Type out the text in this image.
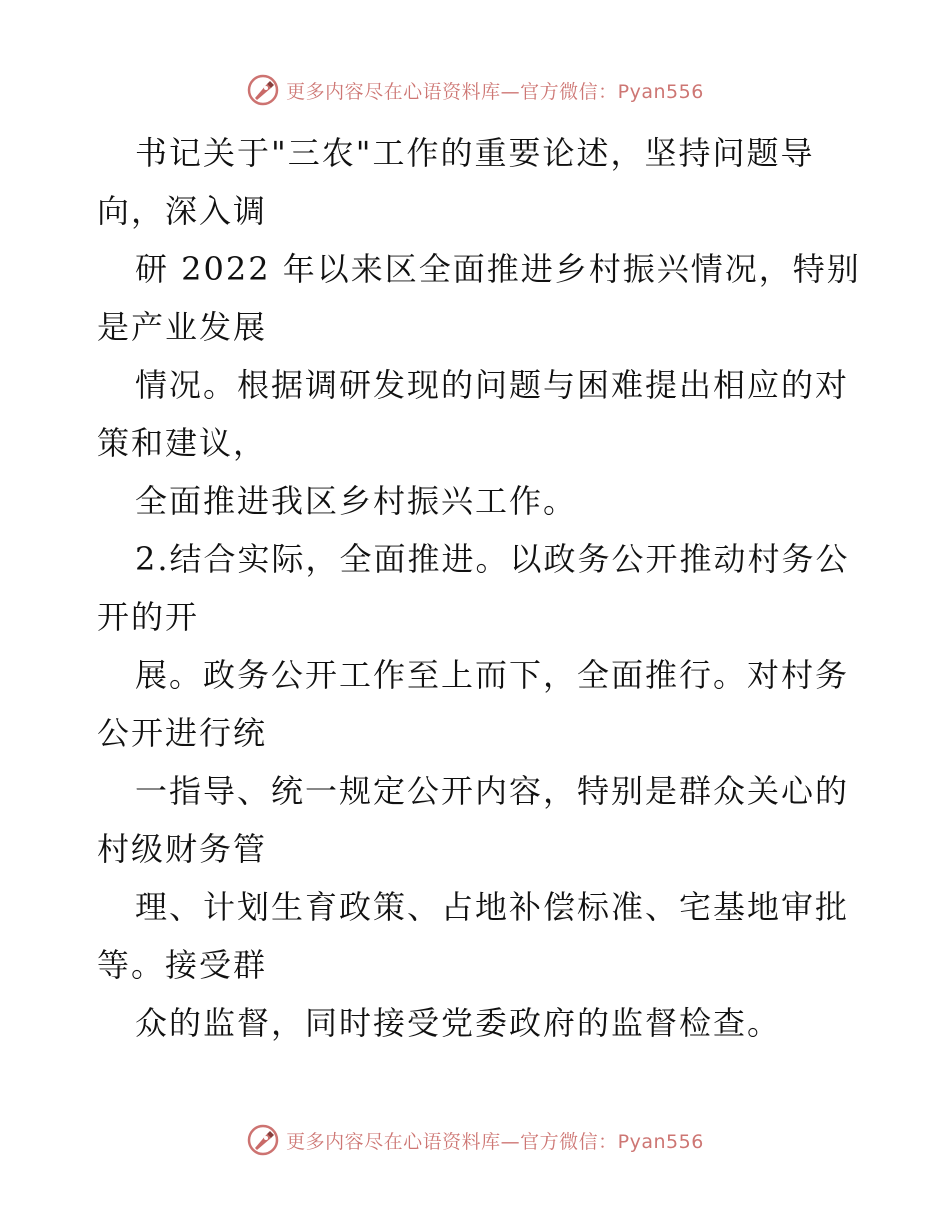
更多内容尽在心语资料库—官方微信：Pyan556
书记关于"三农"工作的重要论述，坚持问题导
向，深入调
研 2022 年以来区全面推进乡村振兴情况，特别
是产业发展
情况。根据调研发现的问题与困难提出相应的对
策和建议，
全面推进我区乡村振兴工作。
2.结合实际，全面推进。以政务公开推动村务公
开的开
展。政务公开工作至上而下，全面推行。对村务
公开进行统
一指导、统一规定公开内容，特别是群众关心的
村级财务管
理、计划生育政策、占地补偿标准、宅基地审批
等。接受群
众的监督，同时接受党委政府的监督检查。
更多内容尽在心语资料库—官方微信：Pyan556
